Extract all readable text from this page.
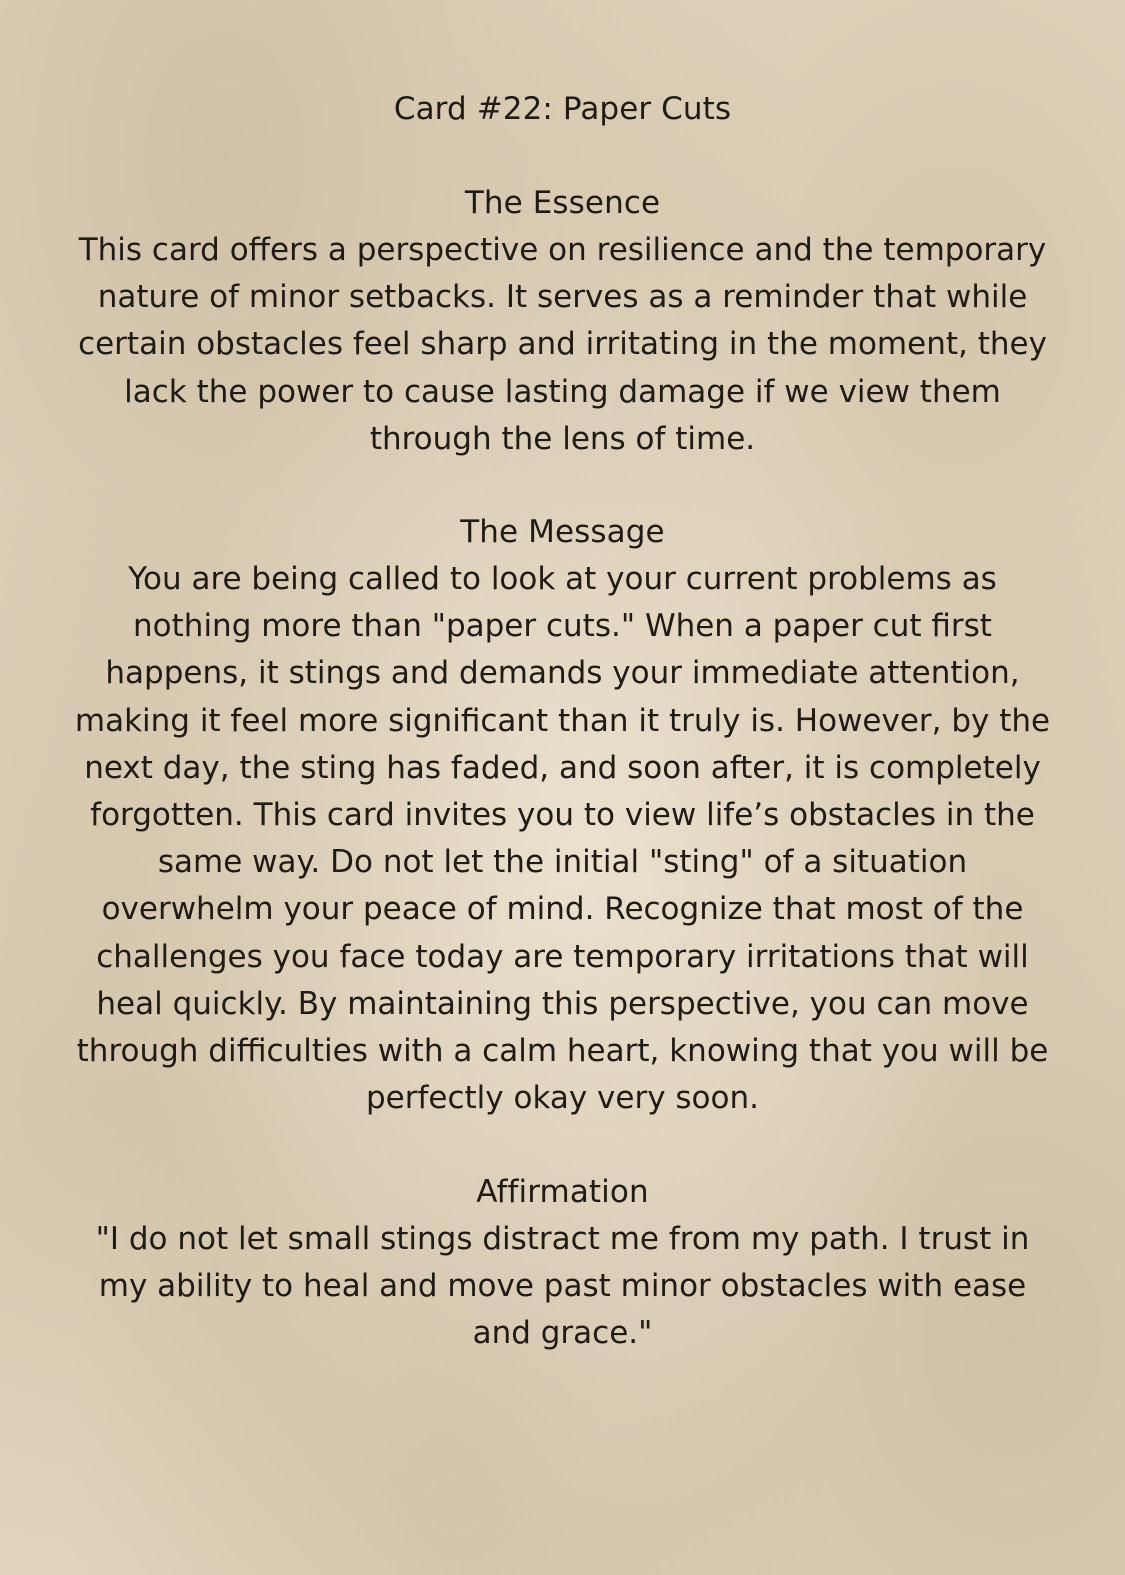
Card #22: Paper Cuts
The Essence
This card offers a perspective on resilience and the temporary
nature of minor setbacks. It serves as a reminder that while
certain obstacles feel sharp and irritating in the moment, they
lack the power to cause lasting damage if we view them
through the lens of time.
The Message
You are being called to look at your current problems as
nothing more than "paper cuts." When a paper cut first
happens, it stings and demands your immediate attention,
making it feel more significant than it truly is. However, by the
next day, the sting has faded, and soon after, it is completely
forgotten. This card invites you to view life’s obstacles in the
same way. Do not let the initial "sting" of a situation
overwhelm your peace of mind. Recognize that most of the
challenges you face today are temporary irritations that will
heal quickly. By maintaining this perspective, you can move
through difficulties with a calm heart, knowing that you will be
perfectly okay very soon.
Affirmation
"I do not let small stings distract me from my path. I trust in
my ability to heal and move past minor obstacles with ease
and grace."
